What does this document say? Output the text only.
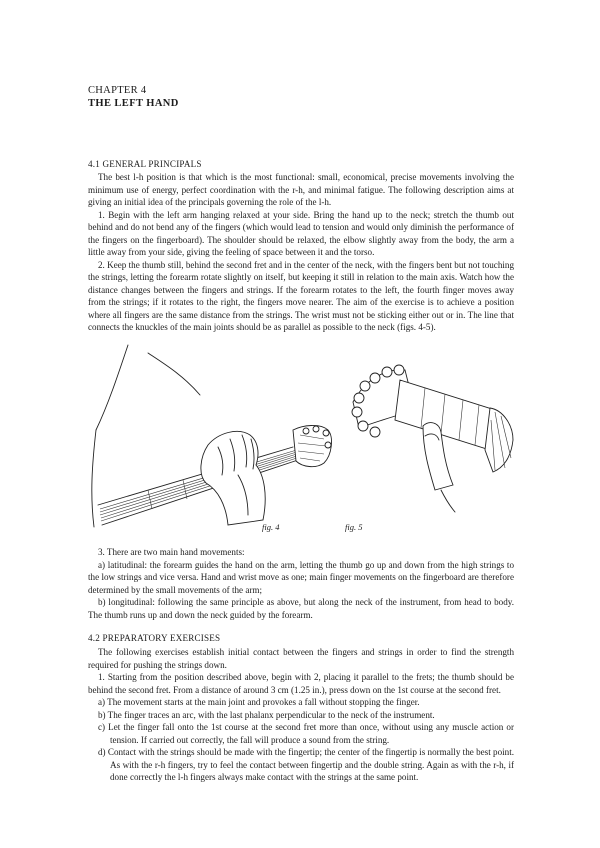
CHAPTER 4
THE LEFT HAND
4.1 GENERAL PRINCIPALS

The best l-h position is that which is the most functional: small, economical, precise movements involving the minimum use of energy, perfect coordination with the r-h, and minimal fatigue. The following description aims at giving an initial idea of the principals governing the role of the l-h.

1. Begin with the left arm hanging relaxed at your side. Bring the hand up to the neck; stretch the thumb out behind and do not bend any of the fingers (which would lead to tension and would only diminish the performance of the fingers on the fingerboard). The shoulder should be relaxed, the elbow slightly away from the body, the arm a little away from your side, giving the feeling of space between it and the torso.

2. Keep the thumb still, behind the second fret and in the center of the neck, with the fingers bent but not touching the strings, letting the forearm rotate slightly on itself, but keeping it still in relation to the main axis. Watch how the distance changes between the fingers and strings. If the forearm rotates to the left, the fourth finger moves away from the strings; if it rotates to the right, the fingers move nearer. The aim of the exercise is to achieve a position where all fingers are the same distance from the strings. The wrist must not be sticking either out or in. The line that connects the knuckles of the main joints should be as parallel as possible to the neck (figs. 4-5).

fig. 4	fig. 5

3. There are two main hand movements:

a) latitudinal: the forearm guides the hand on the arm, letting the thumb go up and down from the high strings to the low strings and vice versa. Hand and wrist move as one; main finger movements on the fingerboard are therefore determined by the small movements of the arm;

b) longitudinal: following the same principle as above, but along the neck of the instrument, from head to body. The thumb runs up and down the neck guided by the forearm.

4.2 PREPARATORY EXERCISES

The following exercises establish initial contact between the fingers and strings in order to find the strength required for pushing the strings down.

1. Starting from the position described above, begin with 2, placing it parallel to the frets; the thumb should be behind the second fret. From a distance of around 3 cm (1.25 in.), press down on the 1st course at the second fret.

a) The movement starts at the main joint and provokes a fall without stopping the finger.

b) The finger traces an arc, with the last phalanx perpendicular to the neck of the instrument.

c) Let the finger fall onto the 1st course at the second fret more than once, without using any muscle action or tension. If carried out correctly, the fall will produce a sound from the string.

d) Contact with the strings should be made with the fingertip; the center of the fingertip is normally the best point. As with the r-h fingers, try to feel the contact between fingertip and the double string. Again as with the r-h, if done correctly the l-h fingers always make contact with the strings at the same point.
